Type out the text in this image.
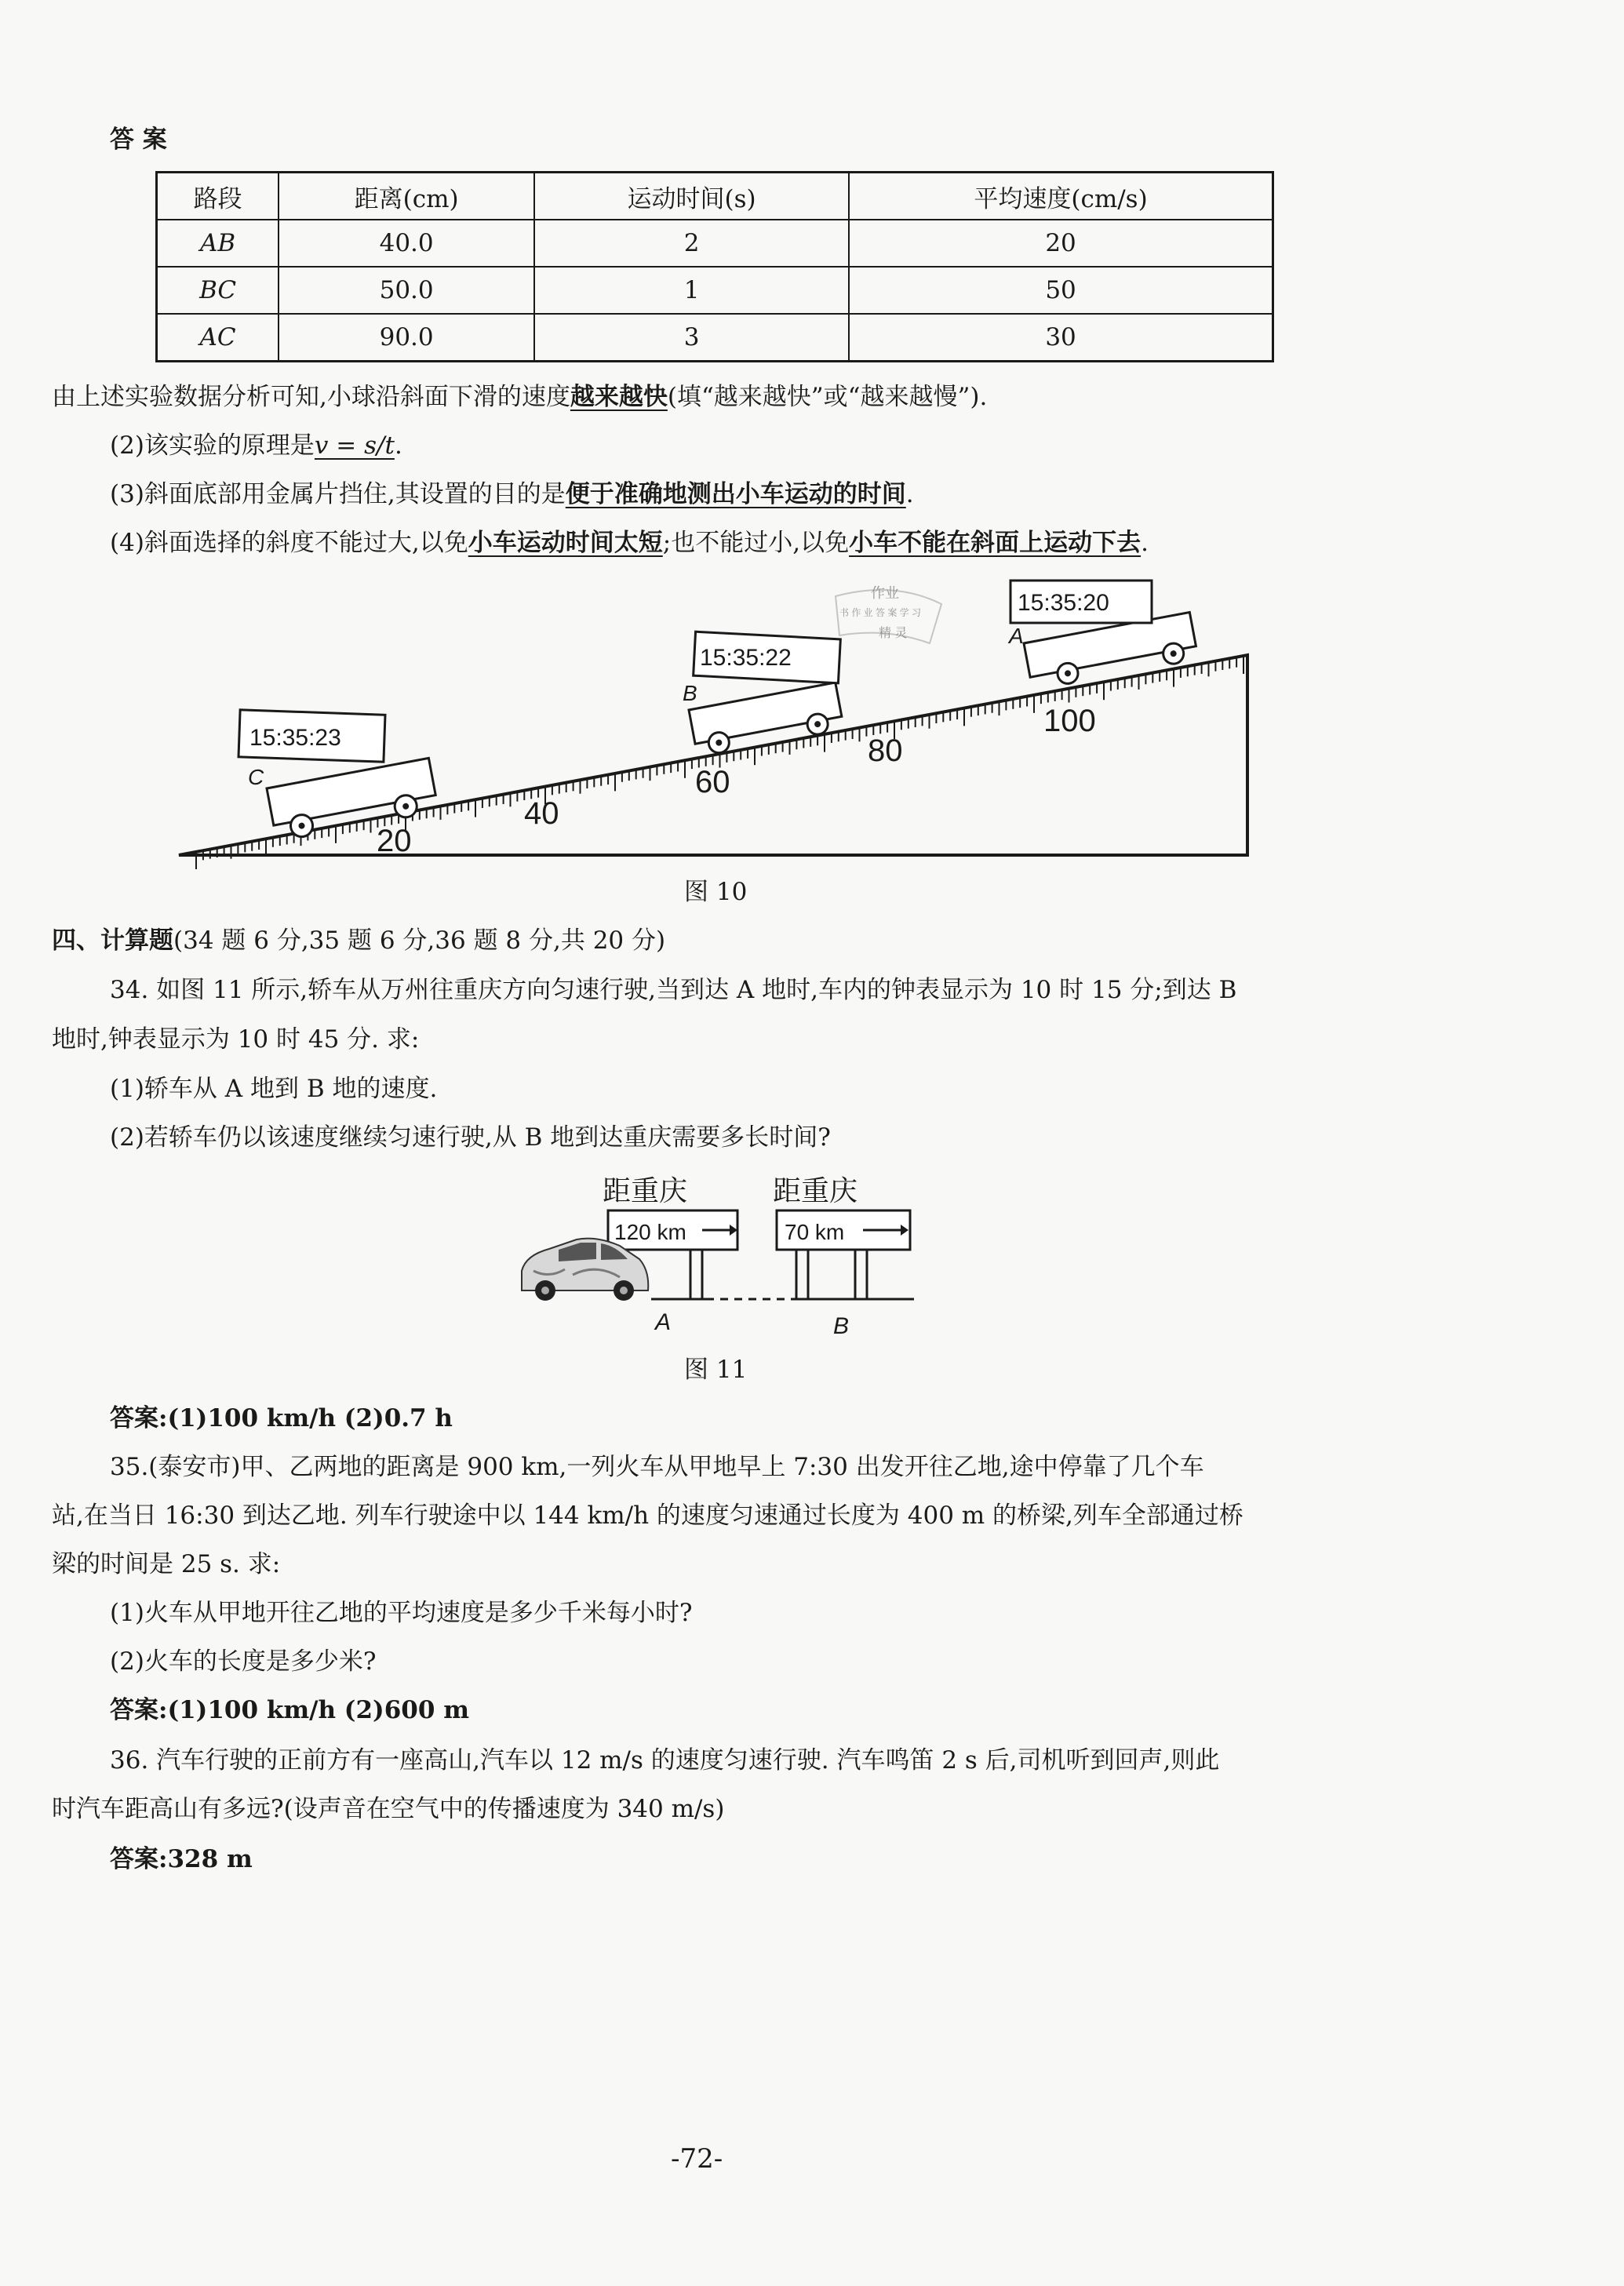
答 案
路段	距离(cm)	运动时间(s)	平均速度(cm/s)
AB	40.0	2	20
BC	50.0	1	50
AC	90.0	3	30
由上述实验数据分析可知,小球沿斜面下滑的速度越来越快(填“越来越快”或“越来越慢”).
(2)该实验的原理是v = s/t.
(3)斜面底部用金属片挡住,其设置的目的是便于准确地测出小车运动的时间.
(4)斜面选择的斜度不能过大,以免小车运动时间太短;也不能过小,以免小车不能在斜面上运动下去.
20
40
60
80
100
15:35:23
C
15:35:22
B
15:35:20
A
作业
书 作 业 答 案 学 习
精 灵
图 10
四、计算题(34 题 6 分,35 题 6 分,36 题 8 分,共 20 分)
34. 如图 11 所示,轿车从万州往重庆方向匀速行驶,当到达 A 地时,车内的钟表显示为 10 时 15 分;到达 B
地时,钟表显示为 10 时 45 分. 求:
(1)轿车从 A 地到 B 地的速度.
(2)若轿车仍以该速度继续匀速行驶,从 B 地到达重庆需要多长时间?
距重庆	距重庆
120 km	70 km
A	B
图 11
答案:(1)100 km/h (2)0.7 h
35.(泰安市)甲、乙两地的距离是 900 km,一列火车从甲地早上 7:30 出发开往乙地,途中停靠了几个车
站,在当日 16:30 到达乙地. 列车行驶途中以 144 km/h 的速度匀速通过长度为 400 m 的桥梁,列车全部通过桥
梁的时间是 25 s. 求:
(1)火车从甲地开往乙地的平均速度是多少千米每小时?
(2)火车的长度是多少米?
答案:(1)100 km/h (2)600 m
36. 汽车行驶的正前方有一座高山,汽车以 12 m/s 的速度匀速行驶. 汽车鸣笛 2 s 后,司机听到回声,则此
时汽车距高山有多远?(设声音在空气中的传播速度为 340 m/s)
答案:328 m
-72-
